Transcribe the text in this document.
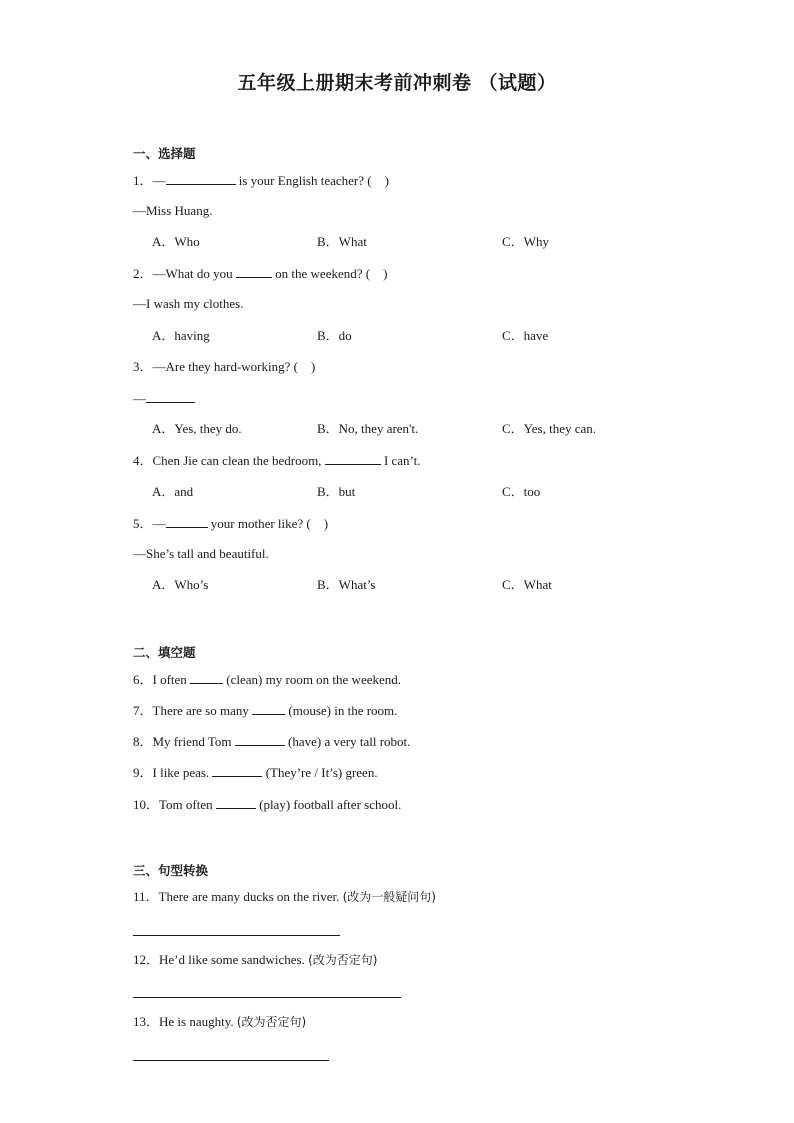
五年级上册期末考前冲刺卷 （试题）
一、选择题
1．—	is your English teacher? (　)
—Miss Huang.
A．Who	B．What	C．Why
2．—What do you	on the weekend? (　)
—I wash my clothes.
A．having	B．do	C．have
3．—Are they hard-working? (　)
—
A．Yes, they do.	B．No, they aren't.	C．Yes, they can.
4．Chen Jie can clean the bedroom,	I can’t.
A．and	B．but	C．too
5．—	your mother like? (　)
—She’s tall and beautiful.
A．Who’s	B．What’s	C．What
二、填空题
6．I often	(clean) my room on the weekend.
7．There are so many	(mouse) in the room.
8．My friend Tom	(have) a very tall robot.
9．I like peas.	(They’re / It’s) green.
10．Tom often	(play) football after school.
三、句型转换
11．There are many ducks on the river. (改为一般疑问句)
12．He’d like some sandwiches. (改为否定句)
13．He is naughty. (改为否定句)
